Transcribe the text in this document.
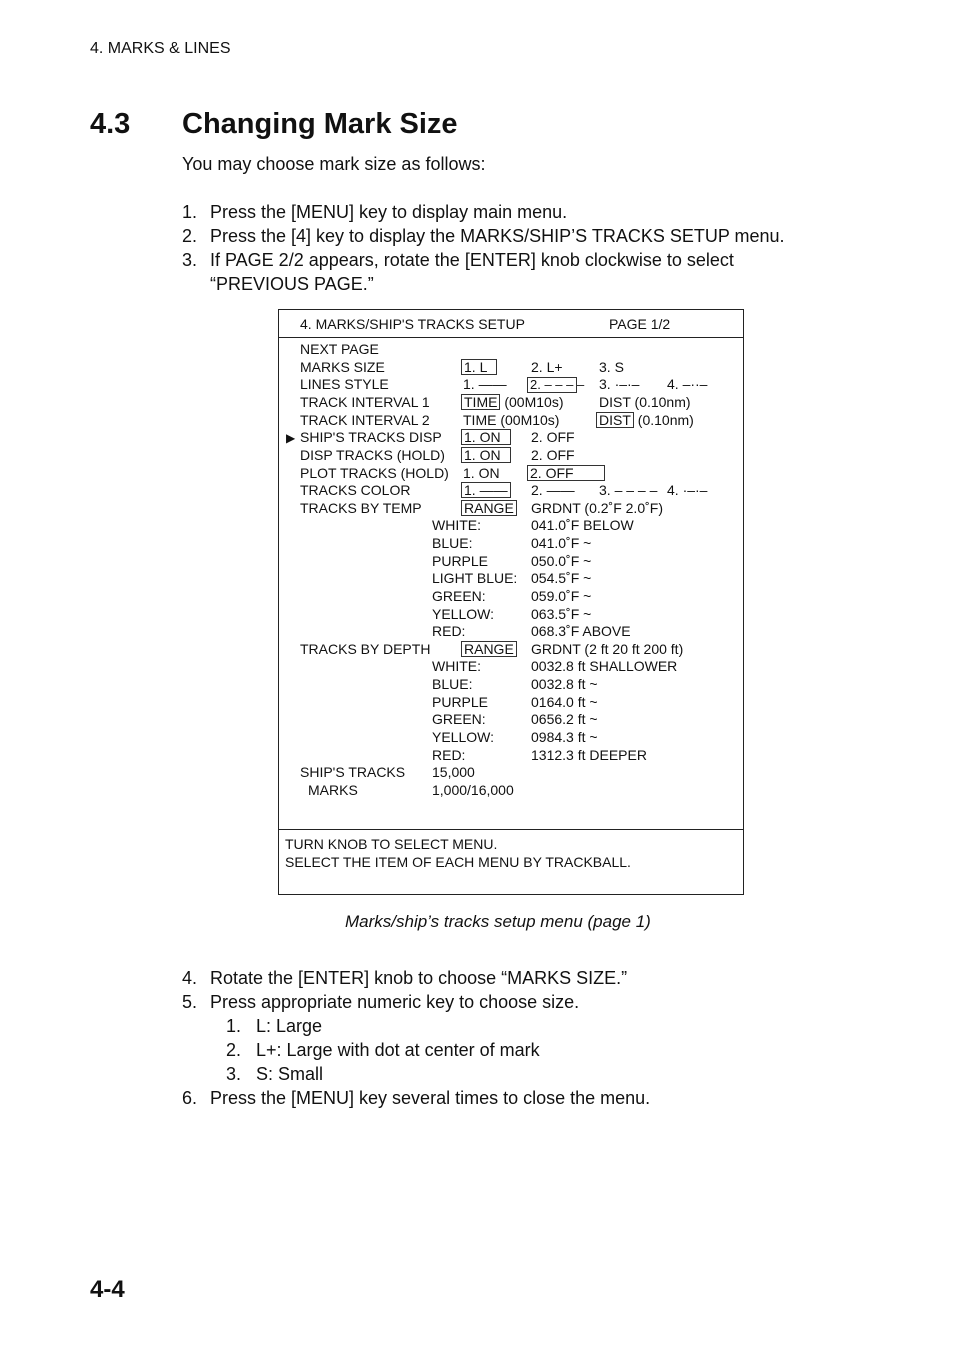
4. MARKS & LINES
4.3 Changing Mark Size
You may choose mark size as follows:
1. Press the [MENU] key to display main menu.
2. Press the [4] key to display the MARKS/SHIP’S TRACKS SETUP menu.
3. If PAGE 2/2 appears, rotate the [ENTER] knob clockwise to select “PREVIOUS PAGE.”
4. MARKS/SHIP'S TRACKS SETUP	PAGE 1/2
NEXT PAGE
MARKS SIZE	1. L	2. L+	3. S
LINES STYLE	1. —— 2. – – – – 3. ·–·– 4. –··–
TRACK INTERVAL 1 TIME (00M10s)	DIST (0.10nm)
TRACK INTERVAL 2 TIME (00M10s)	DIST (0.10nm)
▶ SHIP'S TRACKS DISP 1. ON	2. OFF
DISP TRACKS (HOLD) 1. ON	2. OFF
PLOT TRACKS (HOLD) 1. ON 2. OFF
TRACKS COLOR	1. —— 2. —— 3. – – – – 4. ·–·–
TRACKS BY TEMP	RANGE GRDNT (0.2˚F 2.0˚F)
WHITE:	041.0˚F BELOW
BLUE:	041.0˚F ~
PURPLE	050.0˚F ~
LIGHT BLUE: 054.5˚F ~
GREEN:	059.0˚F ~
YELLOW:	063.5˚F ~
RED:	068.3˚F ABOVE
TRACKS BY DEPTH RANGE GRDNT (2 ft 20 ft 200 ft)
WHITE:	0032.8 ft SHALLOWER
BLUE:	0032.8 ft ~
PURPLE	0164.0 ft ~
GREEN:	0656.2 ft ~
YELLOW:	0984.3 ft ~
RED:	1312.3 ft DEEPER
SHIP'S TRACKS 15,000
MARKS	1,000/16,000
TURN KNOB TO SELECT MENU.
SELECT THE ITEM OF EACH MENU BY TRACKBALL.
Marks/ship’s tracks setup menu (page 1)
4. Rotate the [ENTER] knob to choose “MARKS SIZE.”
5. Press appropriate numeric key to choose size.
1. L: Large
2. L+: Large with dot at center of mark
3. S: Small
6. Press the [MENU] key several times to close the menu.
4-4
